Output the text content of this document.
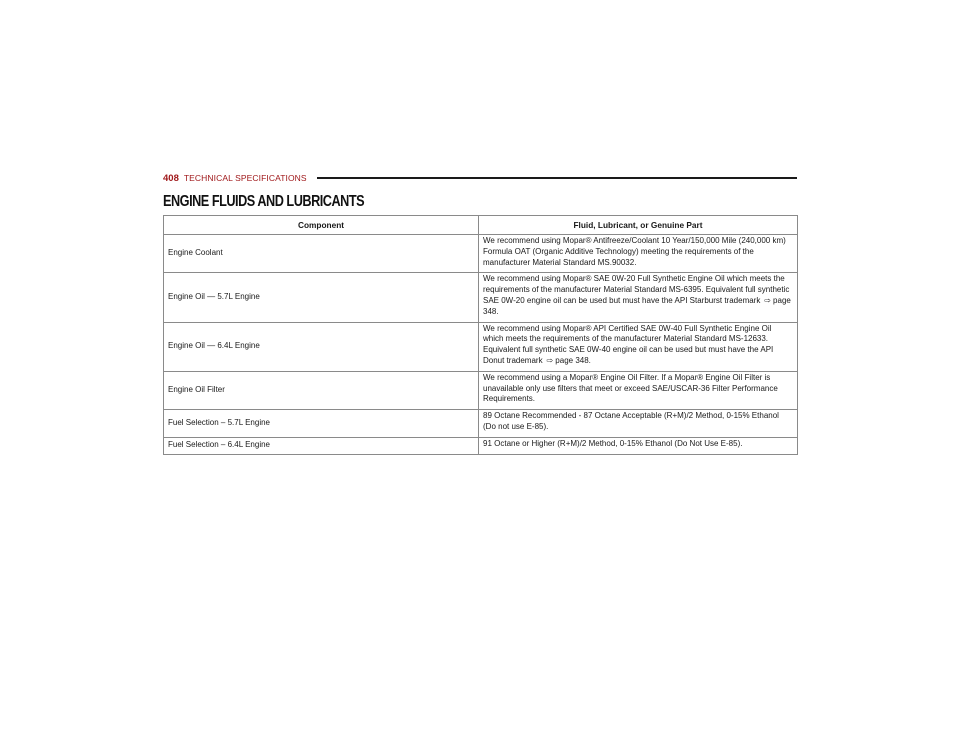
408 TECHNICAL SPECIFICATIONS
ENGINE FLUIDS AND LUBRICANTS
Component	Fluid, Lubricant, or Genuine Part
Engine Coolant	We recommend using Mopar® Antifreeze/Coolant 10 Year/150,000 Mile (240,000 km) Formula OAT (Organic Additive Technology) meeting the requirements of the manufacturer Material Standard MS.90032.
Engine Oil — 5.7L Engine	We recommend using Mopar® SAE 0W-20 Full Synthetic Engine Oil which meets the requirements of the manufacturer Material Standard MS-6395. Equivalent full synthetic SAE 0W-20 engine oil can be used but must have the API Starburst trademark ⇨ page 348.
Engine Oil — 6.4L Engine	We recommend using Mopar® API Certified SAE 0W-40 Full Synthetic Engine Oil which meets the requirements of the manufacturer Material Standard MS-12633. Equivalent full synthetic SAE 0W-40 engine oil can be used but must have the API Donut trademark ⇨ page 348.
Engine Oil Filter	We recommend using a Mopar® Engine Oil Filter. If a Mopar® Engine Oil Filter is unavailable only use filters that meet or exceed SAE/USCAR-36 Filter Performance Requirements.
Fuel Selection – 5.7L Engine	89 Octane Recommended - 87 Octane Acceptable (R+M)/2 Method, 0-15% Ethanol (Do not use E-85).
Fuel Selection – 6.4L Engine	91 Octane or Higher (R+M)/2 Method, 0-15% Ethanol (Do Not Use E-85).
